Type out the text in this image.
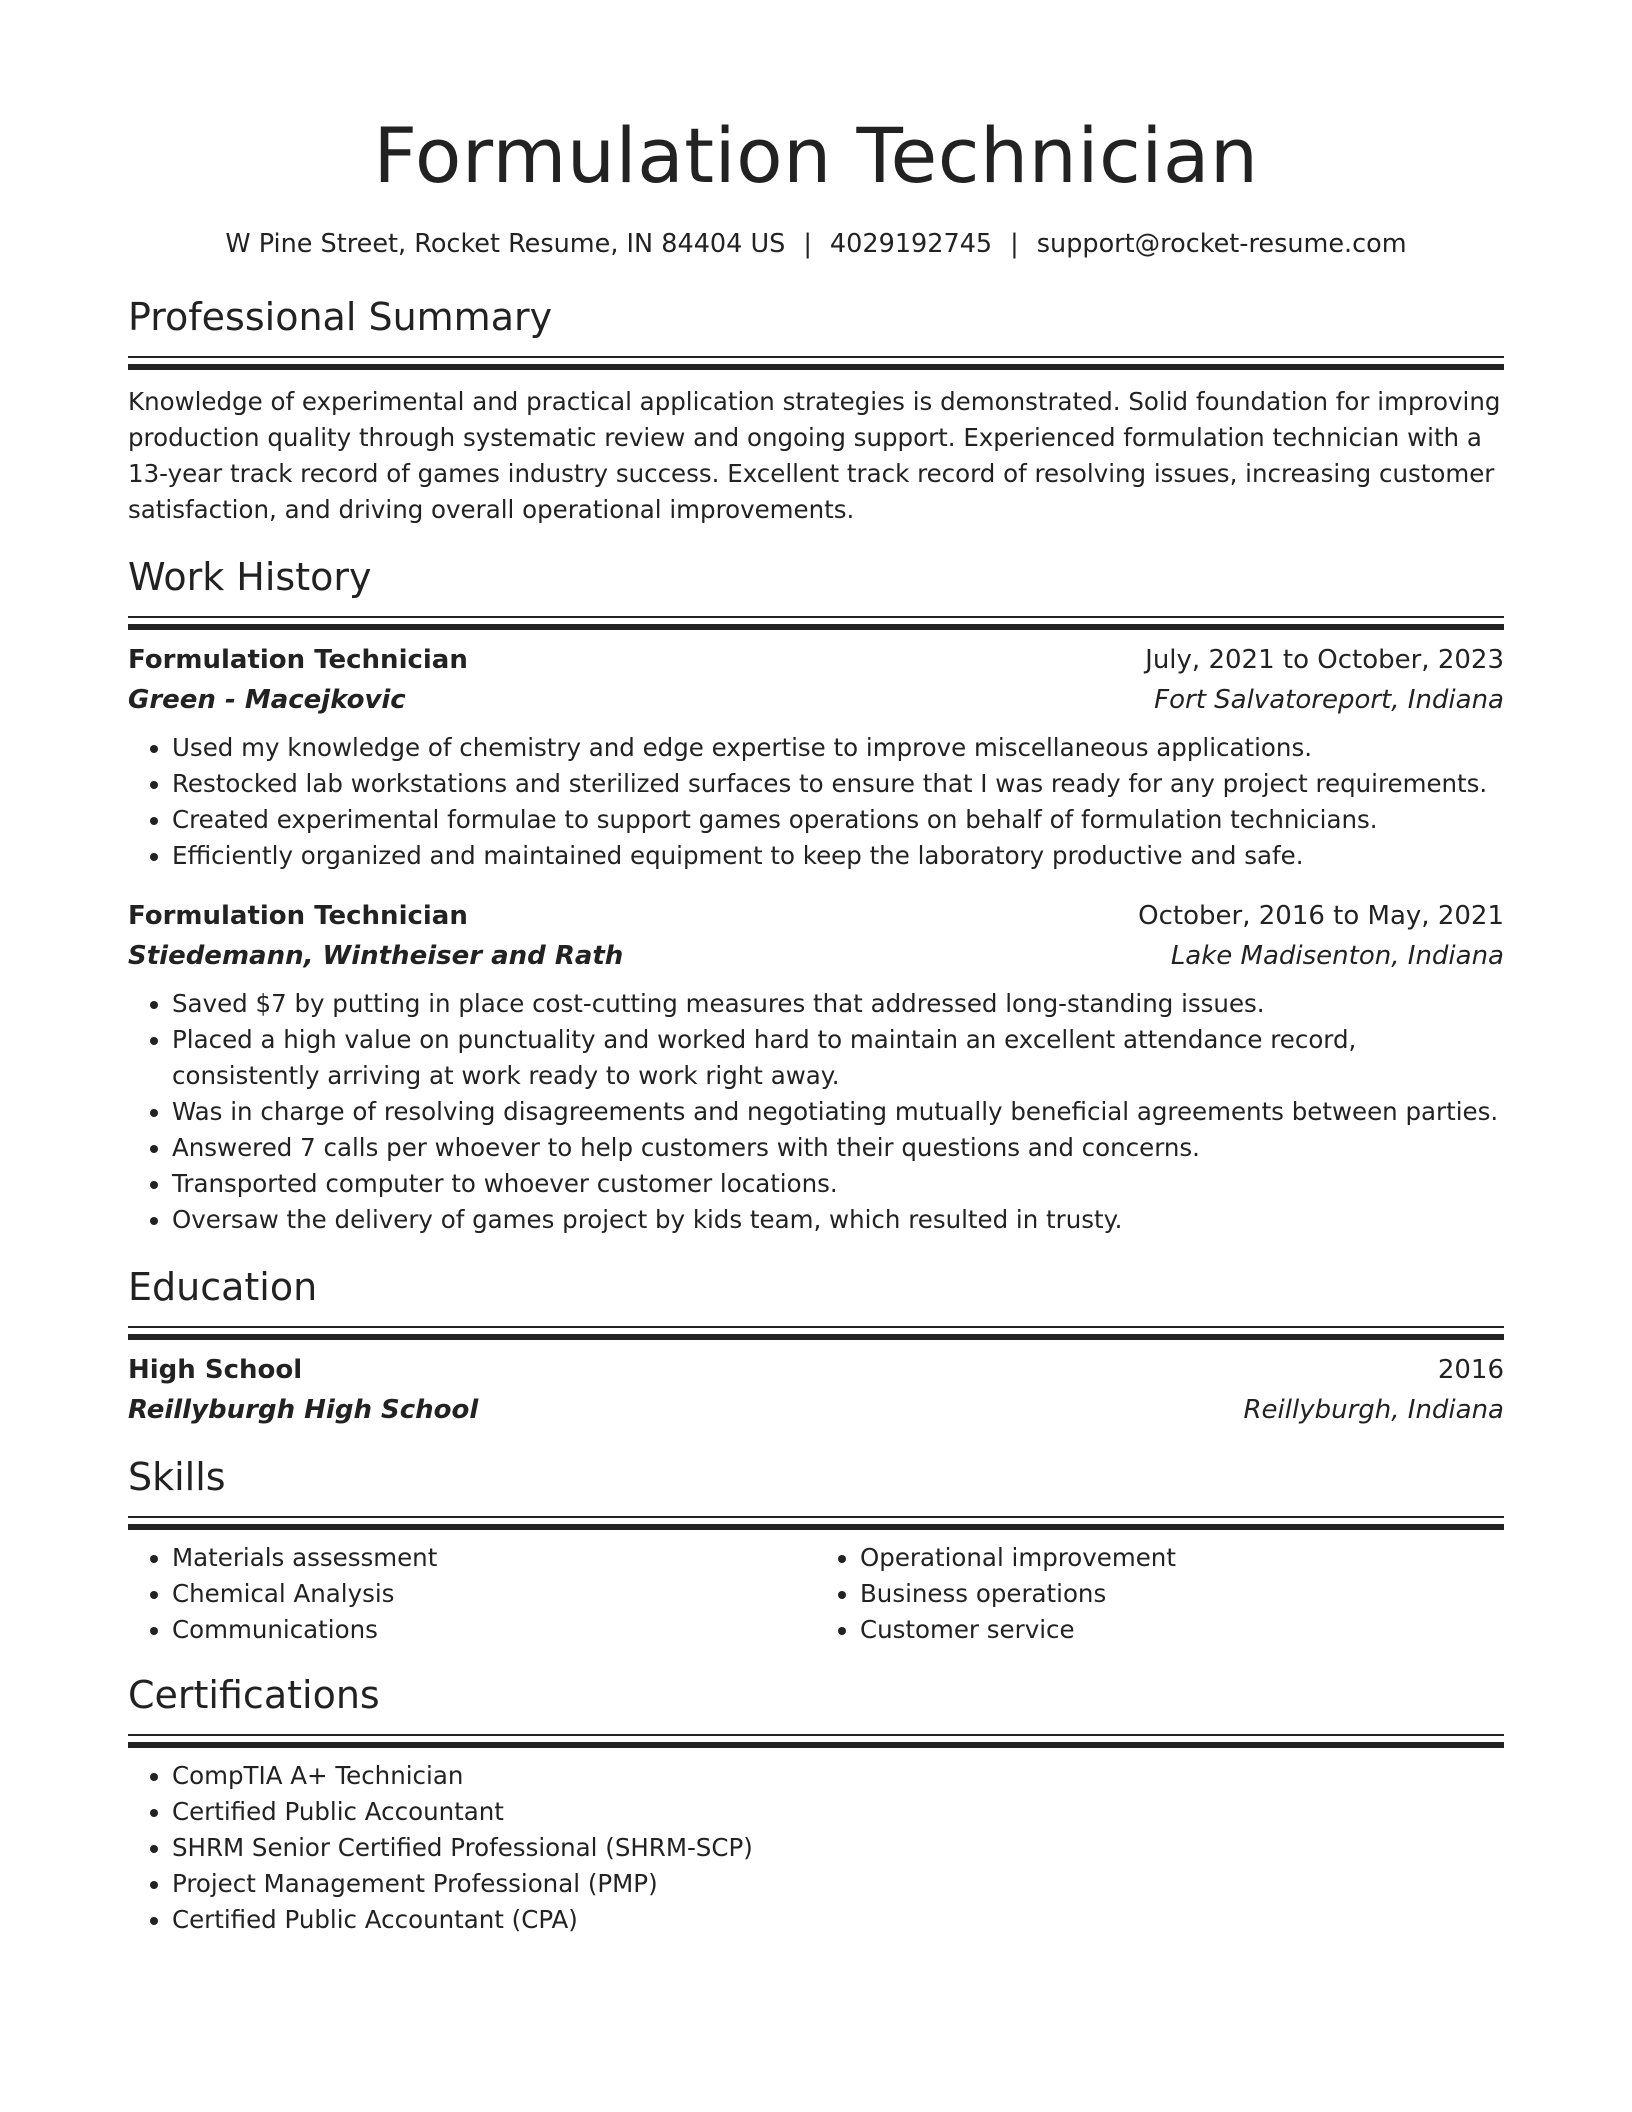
Formulation Technician
W Pine Street, Rocket Resume, IN 84404 US | 4029192745 | support@rocket-resume.com
Professional Summary
Knowledge of experimental and practical application strategies is demonstrated. Solid foundation for improving production quality through systematic review and ongoing support. Experienced formulation technician with a 13-year track record of games industry success. Excellent track record of resolving issues, increasing customer satisfaction, and driving overall operational improvements.
Work History
Formulation Technician	July, 2021 to October, 2023
Green - Macejkovic	Fort Salvatoreport, Indiana
• Used my knowledge of chemistry and edge expertise to improve miscellaneous applications.
• Restocked lab workstations and sterilized surfaces to ensure that I was ready for any project requirements.
• Created experimental formulae to support games operations on behalf of formulation technicians.
• Efficiently organized and maintained equipment to keep the laboratory productive and safe.
Formulation Technician	October, 2016 to May, 2021
Stiedemann, Wintheiser and Rath	Lake Madisenton, Indiana
• Saved $7 by putting in place cost-cutting measures that addressed long-standing issues.
• Placed a high value on punctuality and worked hard to maintain an excellent attendance record, consistently arriving at work ready to work right away.
• Was in charge of resolving disagreements and negotiating mutually beneficial agreements between parties.
• Answered 7 calls per whoever to help customers with their questions and concerns.
• Transported computer to whoever customer locations.
• Oversaw the delivery of games project by kids team, which resulted in trusty.
Education
High School	2016
Reillyburgh High School	Reillyburgh, Indiana
Skills
• Materials assessment
• Chemical Analysis
• Communications
• Operational improvement
• Business operations
• Customer service
Certifications
• CompTIA A+ Technician
• Certified Public Accountant
• SHRM Senior Certified Professional (SHRM-SCP)
• Project Management Professional (PMP)
• Certified Public Accountant (CPA)
